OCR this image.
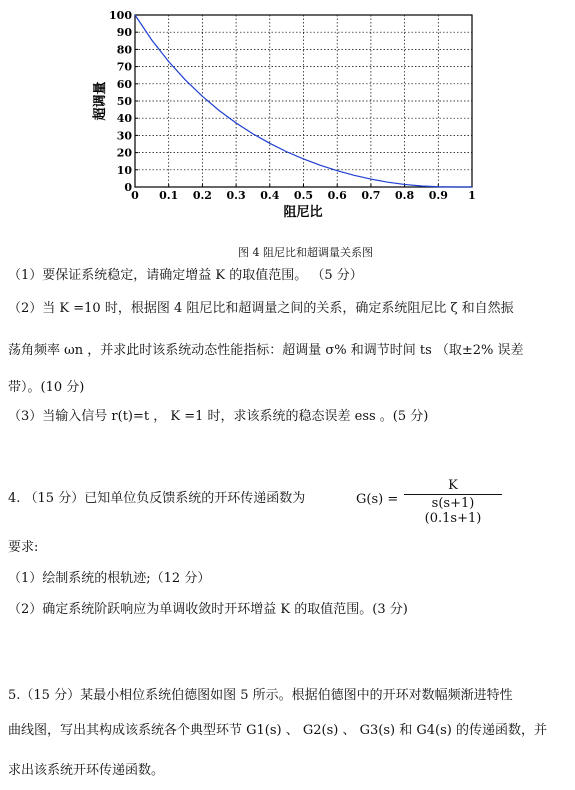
0 0.1 0.2 0.3 0.4 0.5 0.6 0.7 0.8 0.9 1
0
10
20
30
40
50
60
70
80
90
100
阻尼比
超调量
图 4 阻尼比和超调量关系图
（1）要保证系统稳定，请确定增益 K 的取值范围。 （5 分）
（2）当 K =10 时，根据图 4 阻尼比和超调量之间的关系，确定系统阻尼比 ζ 和自然振
荡角频率 ωn ，并求此时该系统动态性能指标：超调量 σ% 和调节时间 ts （取±2% 误差
带）。(10 分)
（3）当输入信号 r(t)=t ， K =1 时，求该系统的稳态误差 ess 。(5 分)
4. （15 分）已知单位负反馈系统的开环传递函数为	G(s) =
K
s(s+1)(0.1s+1)
要求:
（1）绘制系统的根轨迹;（12 分）
（2）确定系统阶跃响应为单调收敛时开环增益 K 的取值范围。(3 分)
5.（15 分）某最小相位系统伯德图如图 5 所示。根据伯德图中的开环对数幅频渐进特性
曲线图，写出其构成该系统各个典型环节 G1(s) 、 G2(s) 、 G3(s) 和 G4(s) 的传递函数，并
求出该系统开环传递函数。
